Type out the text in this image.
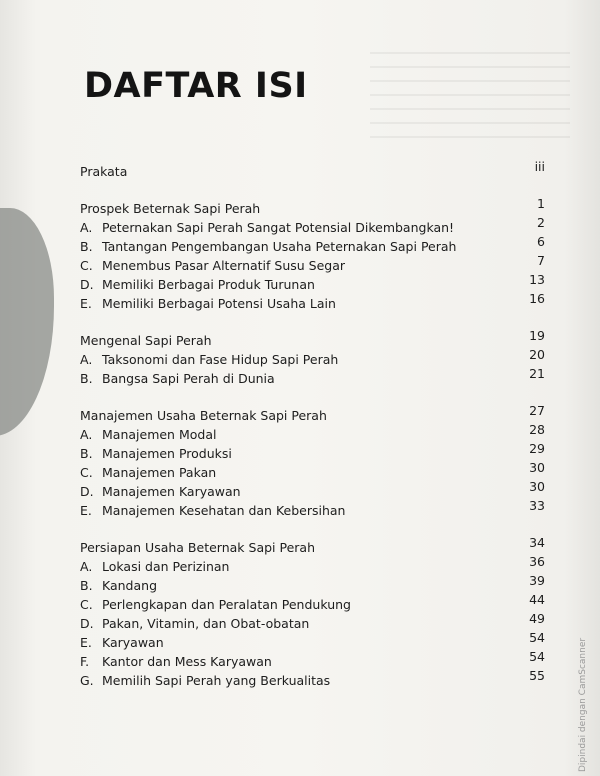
DAFTAR ISI
Prakata	iii
Prospek Beternak Sapi Perah	1
A. Peternakan Sapi Perah Sangat Potensial Dikembangkan!	2
B. Tantangan Pengembangan Usaha Peternakan Sapi Perah	6
C. Menembus Pasar Alternatif Susu Segar	7
D. Memiliki Berbagai Produk Turunan	13
E. Memiliki Berbagai Potensi Usaha Lain	16
Mengenal Sapi Perah	19
A. Taksonomi dan Fase Hidup Sapi Perah	20
B. Bangsa Sapi Perah di Dunia	21
Manajemen Usaha Beternak Sapi Perah	27
A. Manajemen Modal	28
B. Manajemen Produksi	29
C. Manajemen Pakan	30
D. Manajemen Karyawan	30
E. Manajemen Kesehatan dan Kebersihan	33
Persiapan Usaha Beternak Sapi Perah	34
A. Lokasi dan Perizinan	36
B. Kandang	39
C. Perlengkapan dan Peralatan Pendukung	44
D. Pakan, Vitamin, dan Obat-obatan	49
E. Karyawan	54
F.	Kantor dan Mess Karyawan	54
G. Memilih Sapi Perah yang Berkualitas	55	Dipindai dengan CamScanner
